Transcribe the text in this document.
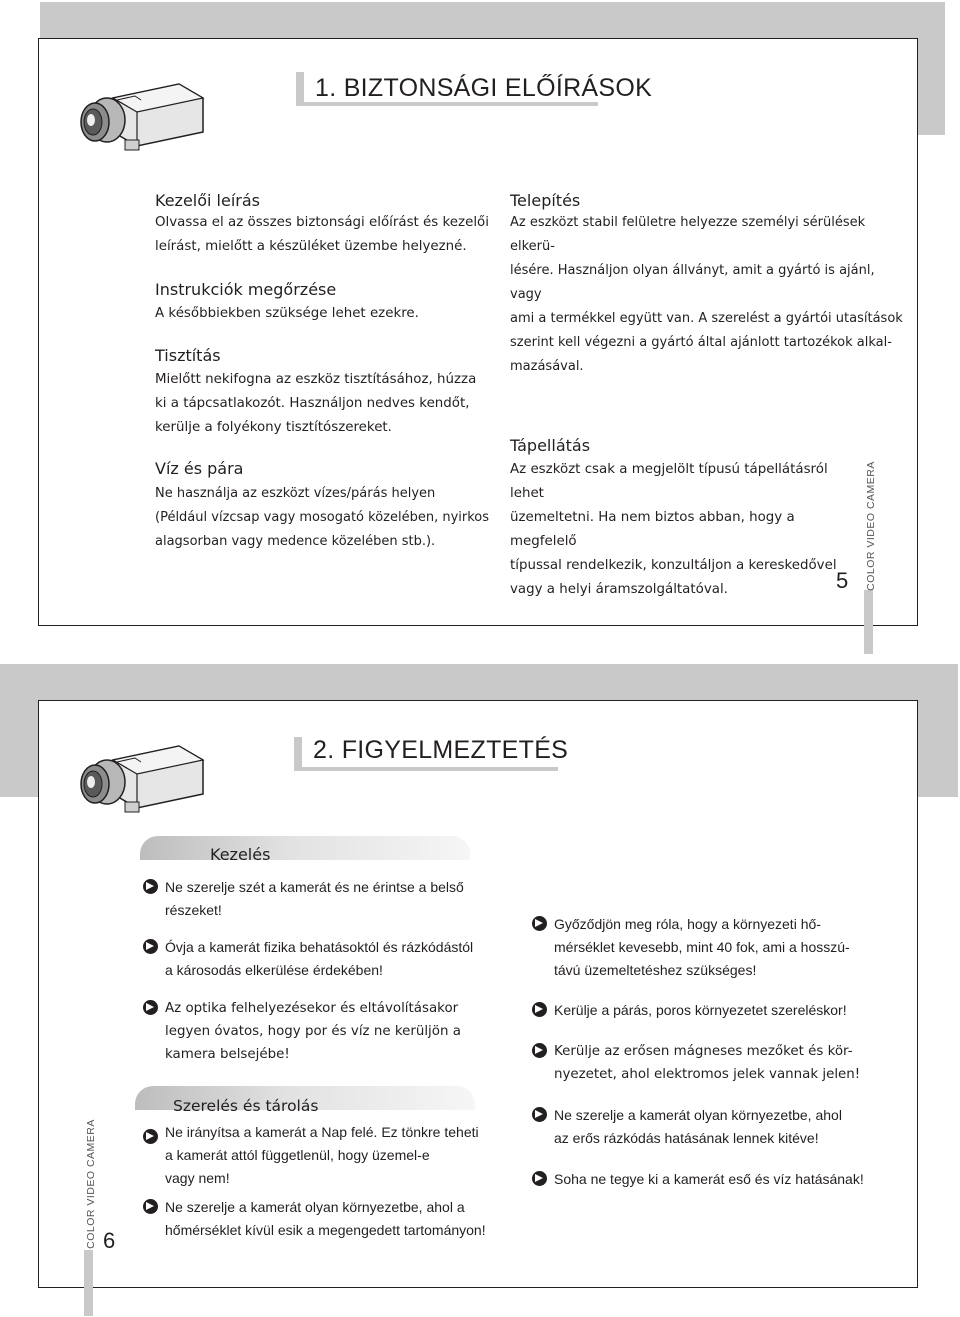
1. BIZTONSÁGI ELŐÍRÁSOK
Kezelői leírás
Olvassa el az összes biztonsági előírást és kezelői
leírást, mielőtt a készüléket üzembe helyezné.
Instrukciók megőrzése
A későbbiekben szüksége lehet ezekre.
Tisztítás
Mielőtt nekifogna az eszköz tisztításához, húzza
ki a tápcsatlakozót. Használjon nedves kendőt,
kerülje a folyékony tisztítószereket.
Víz és pára
Ne használja az eszközt vízes/párás helyen
(Például vízcsap vagy mosogató közelében, nyirkos
alagsorban vagy medence közelében stb.).
Telepítés
Az eszközt stabil felületre helyezze személyi sérülések elkerü-
lésére. Használjon olyan állványt, amit a gyártó is ajánl, vagy
ami a termékkel együtt van. A szerelést a gyártói utasítások
szerint kell végezni a gyártó által ajánlott tartozékok alkal-
mazásával.
Tápellátás
Az eszközt csak a megjelölt típusú tápellátásról lehet
üzemeltetni. Ha nem biztos abban, hogy a megfelelő
típussal rendelkezik, konzultáljon a kereskedővel
vagy a helyi áramszolgáltatóval.	COLOR VIDEO CAMERA
5
2. FIGYELMEZTETÉS
Kezelés
Ne szerelje szét a kamerát és ne érintse a belső
részeket!
Óvja a kamerát fizika behatásoktól és rázkódástól
a károsodás elkerülése érdekében!
Az optika felhelyezésekor és eltávolításakor
legyen óvatos, hogy por és víz ne kerüljön a
kamera belsejébe!
Szerelés és tárolás
Ne irányítsa a kamerát a Nap felé. Ez tönkre teheti
a kamerát attól függetlenül, hogy üzemel-e
vagy nem!
Ne szerelje a kamerát olyan környezetbe, ahol a
hőmérséklet kívül esik a megengedett tartományon!
Győződjön meg róla, hogy a környezeti hő-
mérséklet kevesebb, mint 40 fok, ami a hosszú-
távú üzemeltetéshez szükséges!
Kerülje a párás, poros környezetet szereléskor!
Kerülje az erősen mágneses mezőket és kör-
nyezetet, ahol elektromos jelek vannak jelen!
Ne szerelje a kamerát olyan környezetbe, ahol
az erős rázkódás hatásának lennek kitéve!
Soha ne tegye ki a kamerát eső és víz hatásának!
COLOR VIDEO CAMERA 6
